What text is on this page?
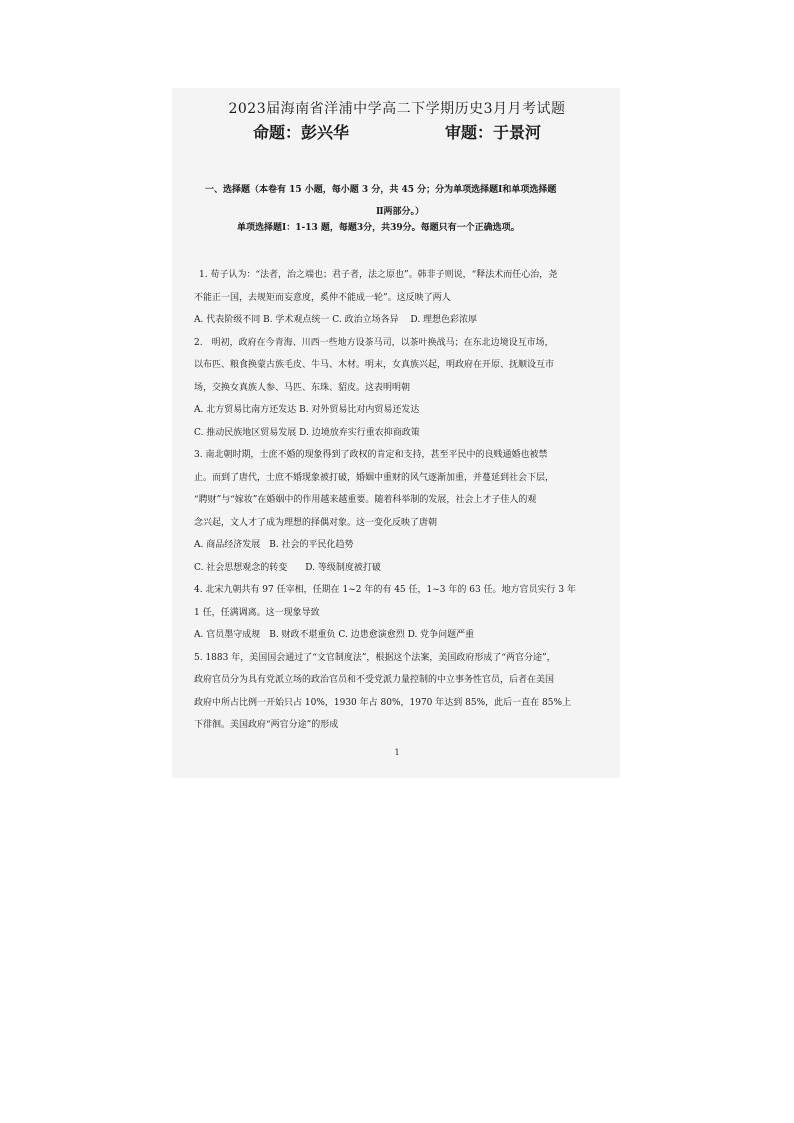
2023届海南省洋浦中学高二下学期历史3月月考试题
命题：彭兴华	审题：于景河
一、选择题（本卷有 15 小题，每小题 3 分，共 45 分；分为单项选择题Ⅰ和单项选择题
Ⅱ两部分。）
单项选择题Ⅰ：1-13 题，每题3分，共39分。每题只有一个正确选项。

1. 荀子认为：“法者，治之端也；君子者，法之原也”。韩非子则说，“释法术而任心治，尧

不能正一国，去规矩而妄意度，奚仲不能成一轮”。这反映了两人

A. 代表阶级不同 B. 学术观点统一 C. 政治立场各异　 D. 理想色彩浓厚

2.　明初，政府在今青海、川西一些地方设茶马司，以茶叶换战马；在东北边境设互市场，

以布匹、粮食换蒙古族毛皮、牛马、木材。明末，女真族兴起，明政府在开原、抚顺设互市

场，交换女真族人参、马匹、东珠、貂皮。这表明明朝

A. 北方贸易比南方还发达 B. 对外贸易比对内贸易还发达

C. 推动民族地区贸易发展 D. 边境放弃实行重农抑商政策

3. 南北朝时期，士庶不婚的现象得到了政权的肯定和支持，甚至平民中的良贱通婚也被禁

止。而到了唐代，士庶不婚现象被打破，婚姻中重财的风气逐渐加重，并蔓延到社会下层，

“聘财”与“嫁妆”在婚姻中的作用越来越重要。随着科举制的发展，社会上才子佳人的观

念兴起，文人才了成为理想的择偶对象。这一变化反映了唐朝

A. 商品经济发展　B. 社会的平民化趋势

C. 社会思想观念的转变　　D. 等级制度被打破

4. 北宋九朝共有 97 任宰相，任期在 1~2 年的有 45 任，1~3 年的 63 任。地方官员实行 3 年

1 任，任满调离。这一现象导致

A. 官员墨守成规　B. 财政不堪重负 C. 边患愈演愈烈 D. 党争问题严重

5. 1883 年，美国国会通过了“文官制度法”，根据这个法案，美国政府形成了“两官分途”，

政府官员分为具有党派立场的政治官员和不受党派力量控制的中立事务性官员，后者在美国

政府中所占比例一开始只占 10%，1930 年占 80%，1970 年达到 85%，此后一直在 85%上

下徘徊。美国政府“两官分途”的形成

1
